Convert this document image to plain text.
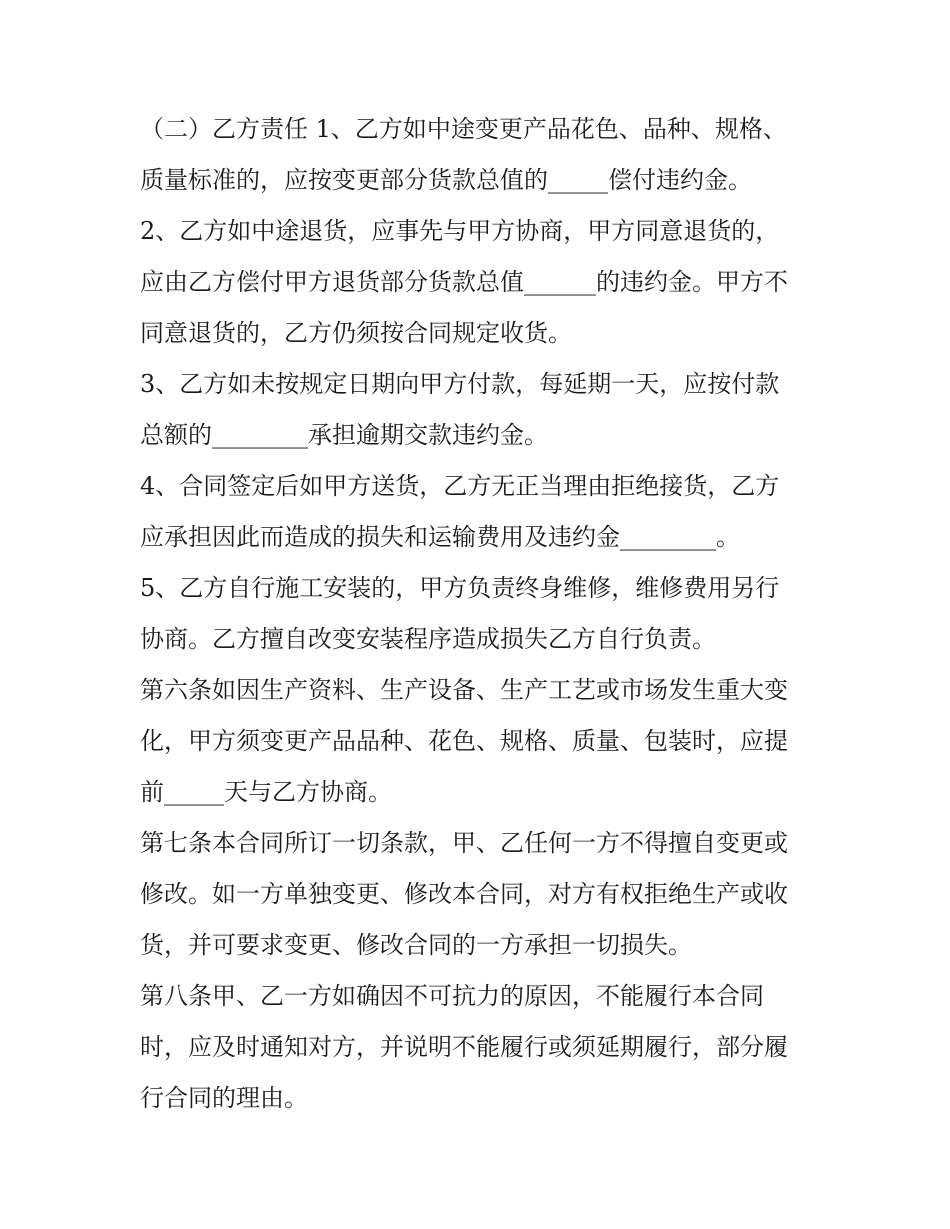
（二）乙方责任 1、乙方如中途变更产品花色、品种、规格、
质量标准的，应按变更部分货款总值的_____偿付违约金。
2、乙方如中途退货，应事先与甲方协商，甲方同意退货的，
应由乙方偿付甲方退货部分货款总值______的违约金。甲方不
同意退货的，乙方仍须按合同规定收货。
3、乙方如未按规定日期向甲方付款，每延期一天，应按付款
总额的________承担逾期交款违约金。
4、合同签定后如甲方送货，乙方无正当理由拒绝接货，乙方
应承担因此而造成的损失和运输费用及违约金________。
5、乙方自行施工安装的，甲方负责终身维修，维修费用另行
协商。乙方擅自改变安装程序造成损失乙方自行负责。
第六条如因生产资料、生产设备、生产工艺或市场发生重大变
化，甲方须变更产品品种、花色、规格、质量、包装时，应提
前_____天与乙方协商。
第七条本合同所订一切条款，甲、乙任何一方不得擅自变更或
修改。如一方单独变更、修改本合同，对方有权拒绝生产或收
货，并可要求变更、修改合同的一方承担一切损失。
第八条甲、乙一方如确因不可抗力的原因，不能履行本合同
时，应及时通知对方，并说明不能履行或须延期履行，部分履
行合同的理由。
